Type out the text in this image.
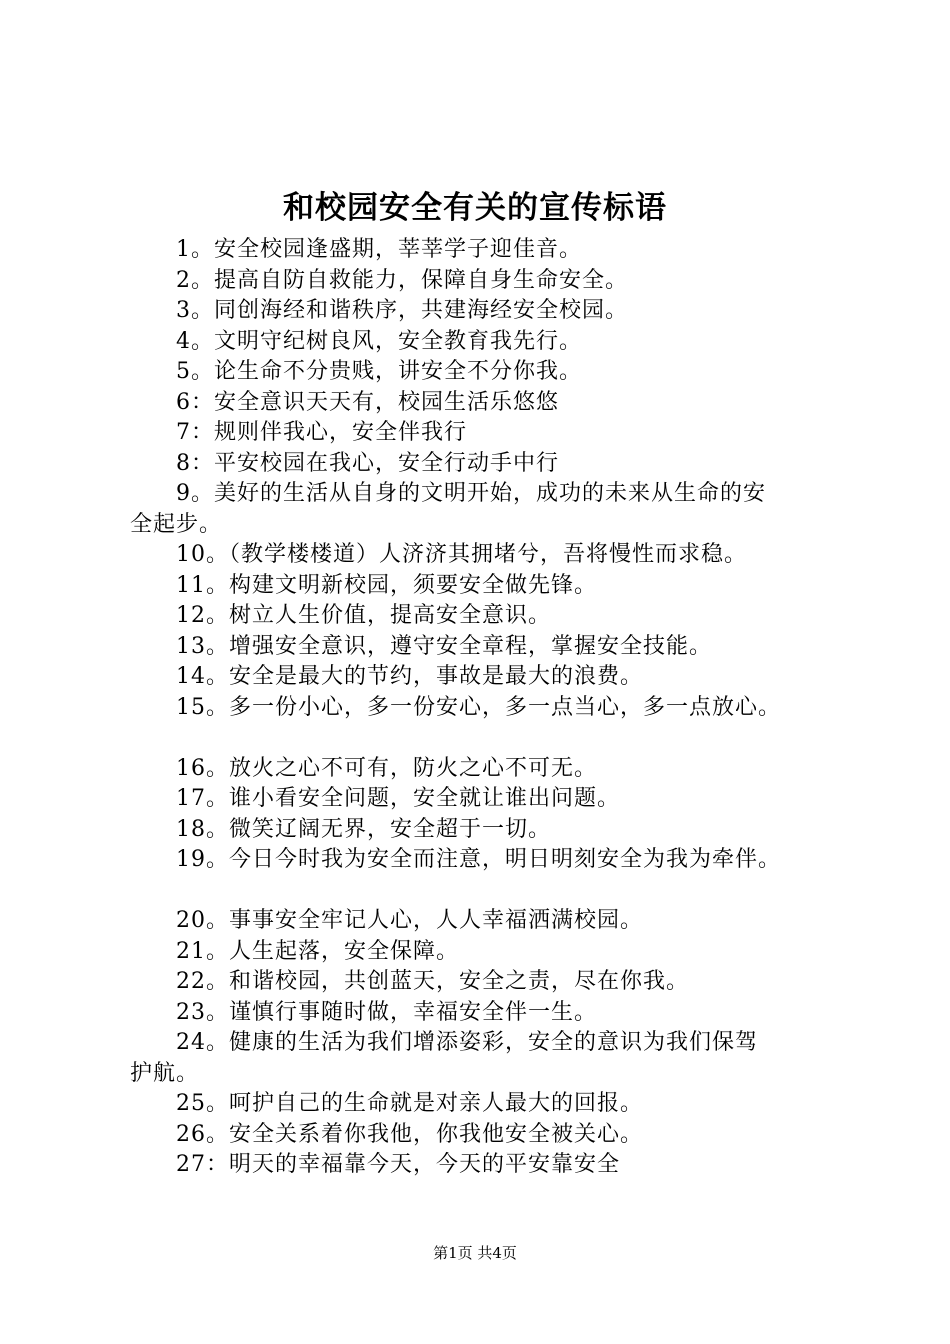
和校园安全有关的宣传标语
1。安全校园逢盛期，莘莘学子迎佳音。
2。提高自防自救能力，保障自身生命安全。
3。同创海经和谐秩序，共建海经安全校园。
4。文明守纪树良风，安全教育我先行。
5。论生命不分贵贱，讲安全不分你我。
6：安全意识天天有，校园生活乐悠悠
7：规则伴我心，安全伴我行
8：平安校园在我心，安全行动手中行
9。美好的生活从自身的文明开始，成功的未来从生命的安
全起步。
10。（教学楼楼道）人济济其拥堵兮，吾将慢性而求稳。
11。构建文明新校园，须要安全做先锋。
12。树立人生价值，提高安全意识。
13。增强安全意识，遵守安全章程，掌握安全技能。
14。安全是最大的节约，事故是最大的浪费。
15。多一份小心，多一份安心，多一点当心，多一点放心。
16。放火之心不可有，防火之心不可无。
17。谁小看安全问题，安全就让谁出问题。
18。微笑辽阔无界，安全超于一切。
19。今日今时我为安全而注意，明日明刻安全为我为牵伴。
20。事事安全牢记人心，人人幸福洒满校园。
21。人生起落，安全保障。
22。和谐校园，共创蓝天，安全之责，尽在你我。
23。谨慎行事随时做，幸福安全伴一生。
24。健康的生活为我们增添姿彩，安全的意识为我们保驾
护航。
25。呵护自己的生命就是对亲人最大的回报。
26。安全关系着你我他，你我他安全被关心。
27：明天的幸福靠今天，今天的平安靠安全
第1页 共4页
